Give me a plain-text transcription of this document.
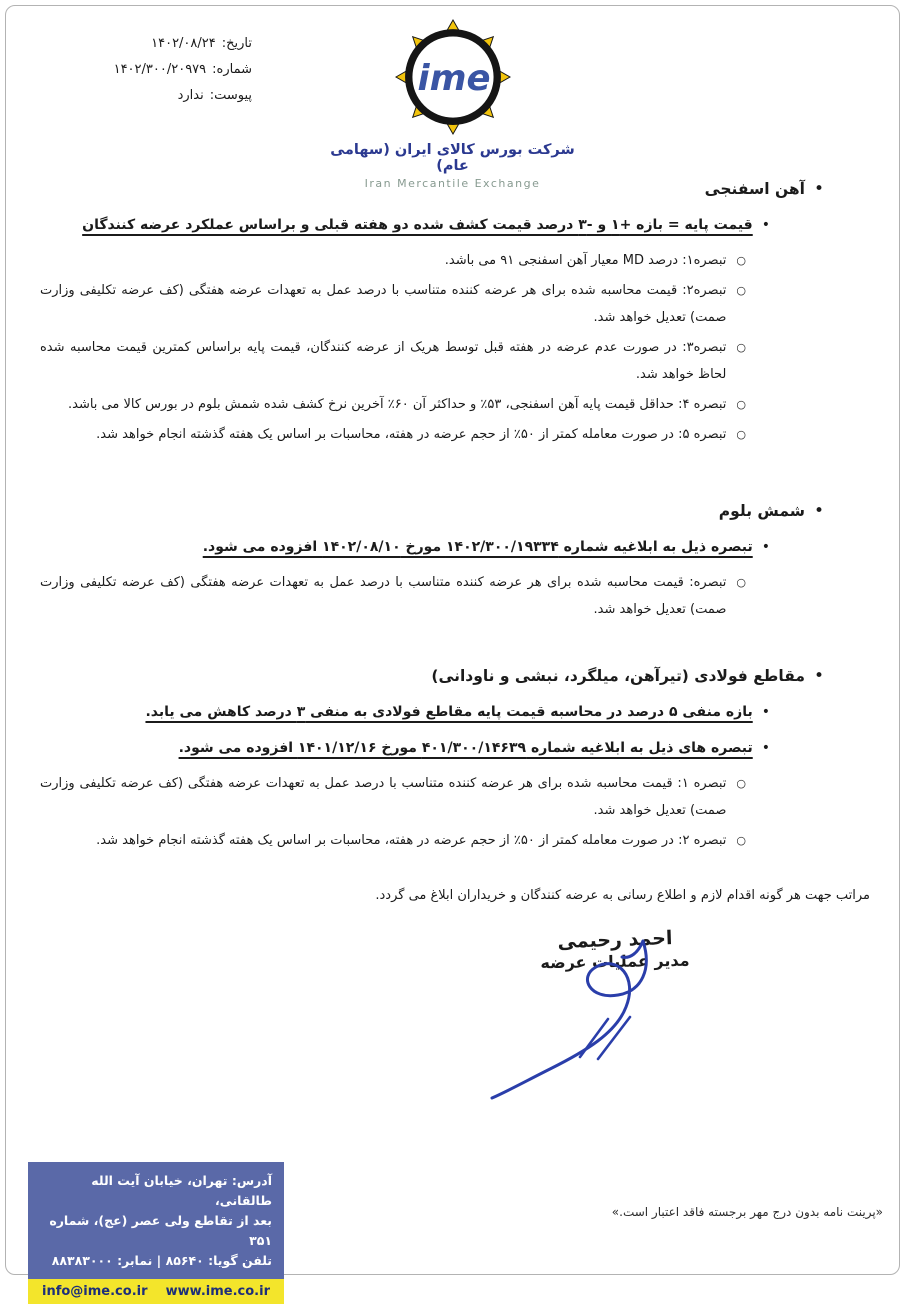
تاریخ:
۱۴۰۲/۰۸/۲۴
شماره:
۱۴۰۲/۳۰۰/۲۰۹۷۹
پیوست:
ندارد	ime
شرکت بورس کالای ایران (سهامی عام)
Iran Mercantile Exchange	•
آهن اسفنجی
•
قیمت پایه = بازه +۱ و -۳ درصد قیمت کشف شده دو هفته قبلی و براساس عملکرد عرضه کنندگان
○
تبصره۱: درصد MD معیار آهن اسفنجی ۹۱ می باشد.
○
تبصره۲: قیمت محاسبه شده برای هر عرضه کننده متناسب با درصد عمل به تعهدات عرضه هفتگی (کف عرضه تکلیفی وزارت صمت) تعدیل خواهد شد.
○
تبصره۳: در صورت عدم عرضه در هفته قبل توسط هریک از عرضه کنندگان، قیمت پایه براساس کمترین قیمت محاسبه شده لحاظ خواهد شد.
○
تبصره ۴: حداقل قیمت پایه آهن اسفنجی، ۵۳٪ و حداکثر آن ۶۰٪ آخرین نرخ کشف شده شمش بلوم در بورس کالا می باشد.
○
تبصره ۵: در صورت معامله کمتر از ۵۰٪ از حجم عرضه در هفته، محاسبات بر اساس یک هفته گذشته انجام خواهد شد.
•
شمش بلوم
•
تبصره ذیل به ابلاغیه شماره ۱۴۰۲/۳۰۰/۱۹۳۳۴ مورخ ۱۴۰۲/۰۸/۱۰ افزوده می شود.
○
تبصره: قیمت محاسبه شده برای هر عرضه کننده متناسب با درصد عمل به تعهدات عرضه هفتگی (کف عرضه تکلیفی وزارت صمت) تعدیل خواهد شد.
•
مقاطع فولادی (تیرآهن، میلگرد، نبشی و ناودانی)
•
بازه منفی ۵ درصد در محاسبه قیمت پایه مقاطع فولادی به منفی ۳ درصد کاهش می یابد.
•
تبصره های ذیل به ابلاغیه شماره ۴۰۱/۳۰۰/۱۴۶۳۹ مورخ ۱۴۰۱/۱۲/۱۶ افزوده می شود.
○
تبصره ۱: قیمت محاسبه شده برای هر عرضه کننده متناسب با درصد عمل به تعهدات عرضه هفتگی (کف عرضه تکلیفی وزارت صمت) تعدیل خواهد شد.
○
تبصره ۲: در صورت معامله کمتر از ۵۰٪ از حجم عرضه در هفته، محاسبات بر اساس یک هفته گذشته انجام خواهد شد.

مراتب جهت هر گونه اقدام لازم و اطلاع رسانی به عرضه کنندگان و خریداران ابلاغ می گردد.

احمد رحیمی
مدیر عملیات عرضه
آدرس: تهران، خیابان آیت الله طالقانی،
بعد از تقاطع ولی عصر (عج)، شماره ۳۵۱
تلفن گویا: ۸۵۶۴۰ | نمابر: ۸۸۳۸۳۰۰۰
info@ime.co.ir www.ime.co.ir
«پرینت نامه بدون درج مهر برجسته فاقد اعتبار است.»
